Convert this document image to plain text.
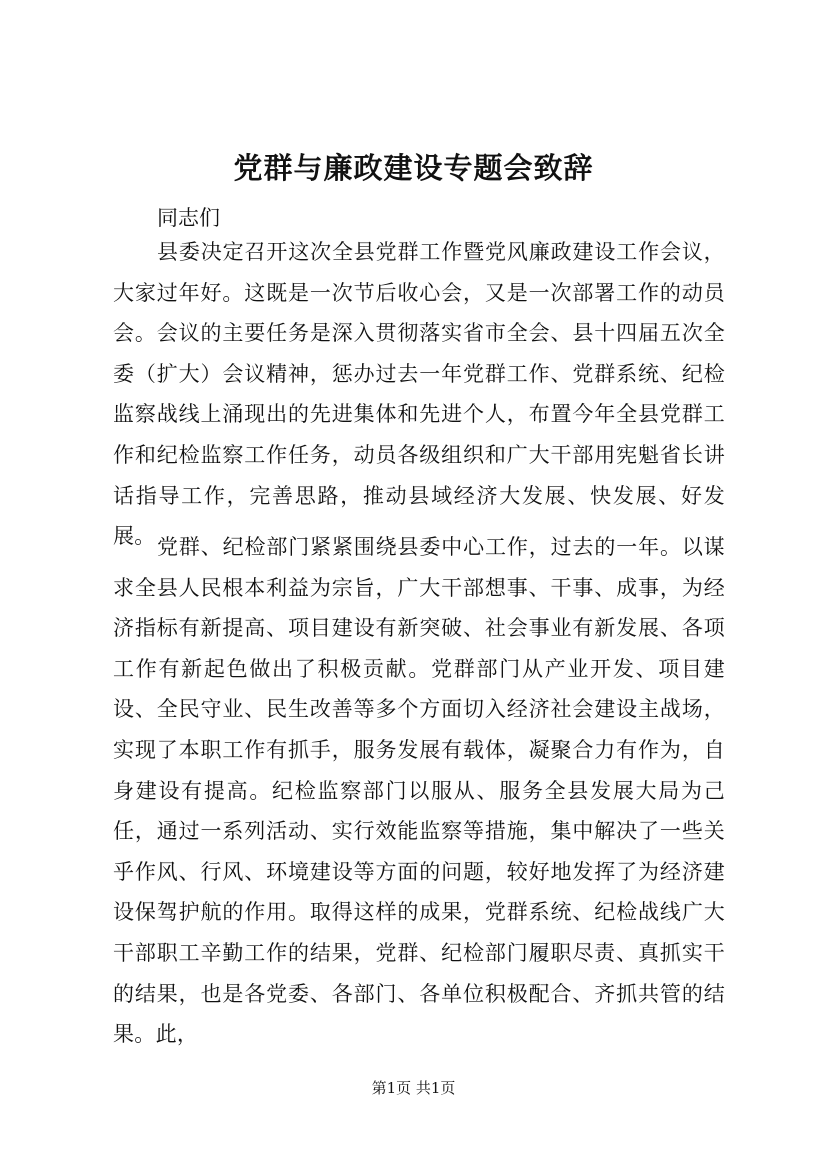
党群与廉政建设专题会致辞
同志们

县委决定召开这次全县党群工作暨党风廉政建设工作会议，大家过年好。这既是一次节后收心会，又是一次部署工作的动员会。会议的主要任务是深入贯彻落实省市全会、县十四届五次全委（扩大）会议精神，惩办过去一年党群工作、党群系统、纪检监察战线上涌现出的先进集体和先进个人，布置今年全县党群工作和纪检监察工作任务，动员各级组织和广大干部用宪魁省长讲话指导工作，完善思路，推动县域经济大发展、快发展、好发展。 党群、纪检部门紧紧围绕县委中心工作，过去的一年。以谋求全县人民根本利益为宗旨，广大干部想事、干事、成事，为经济指标有新提高、项目建设有新突破、社会事业有新发展、各项工作有新起色做出了积极贡献。党群部门从产业开发、项目建设、全民守业、民生改善等多个方面切入经济社会建设主战场，实现了本职工作有抓手，服务发展有载体，凝聚合力有作为，自身建设有提高。纪检监察部门以服从、服务全县发展大局为己任，通过一系列活动、实行效能监察等措施，集中解决了一些关乎作风、行风、环境建设等方面的问题，较好地发挥了为经济建设保驾护航的作用。取得这样的成果，党群系统、纪检战线广大干部职工辛勤工作的结果，党群、纪检部门履职尽责、真抓实干的结果，也是各党委、各部门、各单位积极配合、齐抓共管的结果。此，

第1页 共1页
